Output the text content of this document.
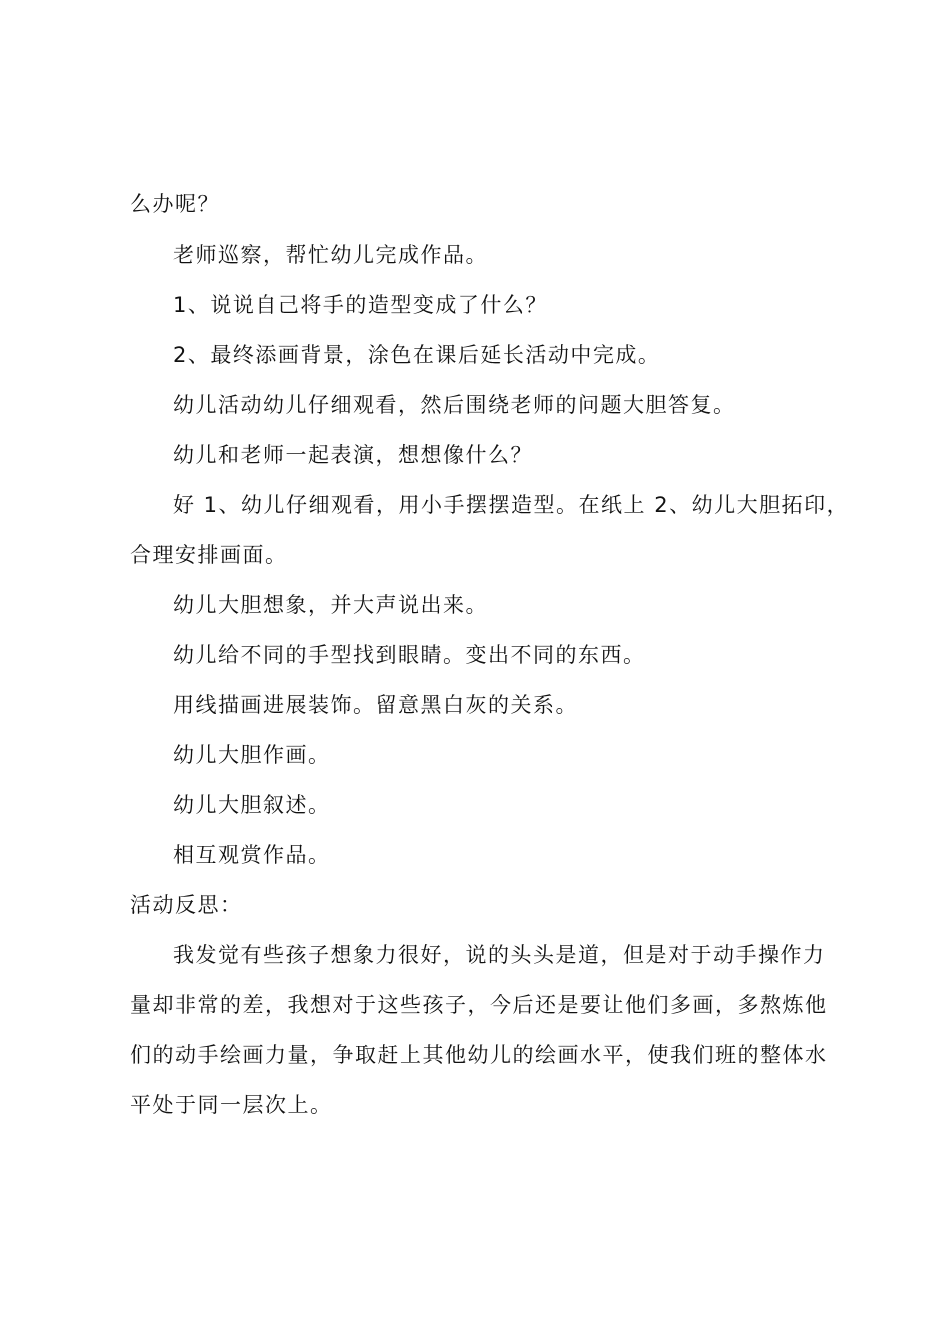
么办呢？
老师巡察，帮忙幼儿完成作品。
1、说说自己将手的造型变成了什么？
2、最终添画背景，涂色在课后延长活动中完成。
幼儿活动幼儿仔细观看，然后围绕老师的问题大胆答复。
幼儿和老师一起表演，想想像什么？
好 1、幼儿仔细观看，用小手摆摆造型。在纸上 2、幼儿大胆拓印，
合理安排画面。
幼儿大胆想象，并大声说出来。
幼儿给不同的手型找到眼睛。变出不同的东西。
用线描画进展装饰。留意黑白灰的关系。
幼儿大胆作画。
幼儿大胆叙述。
相互观赏作品。
活动反思：
我发觉有些孩子想象力很好，说的头头是道，但是对于动手操作力
量却非常的差，我想对于这些孩子，今后还是要让他们多画，多熬炼他
们的动手绘画力量，争取赶上其他幼儿的绘画水平，使我们班的整体水
平处于同一层次上。
